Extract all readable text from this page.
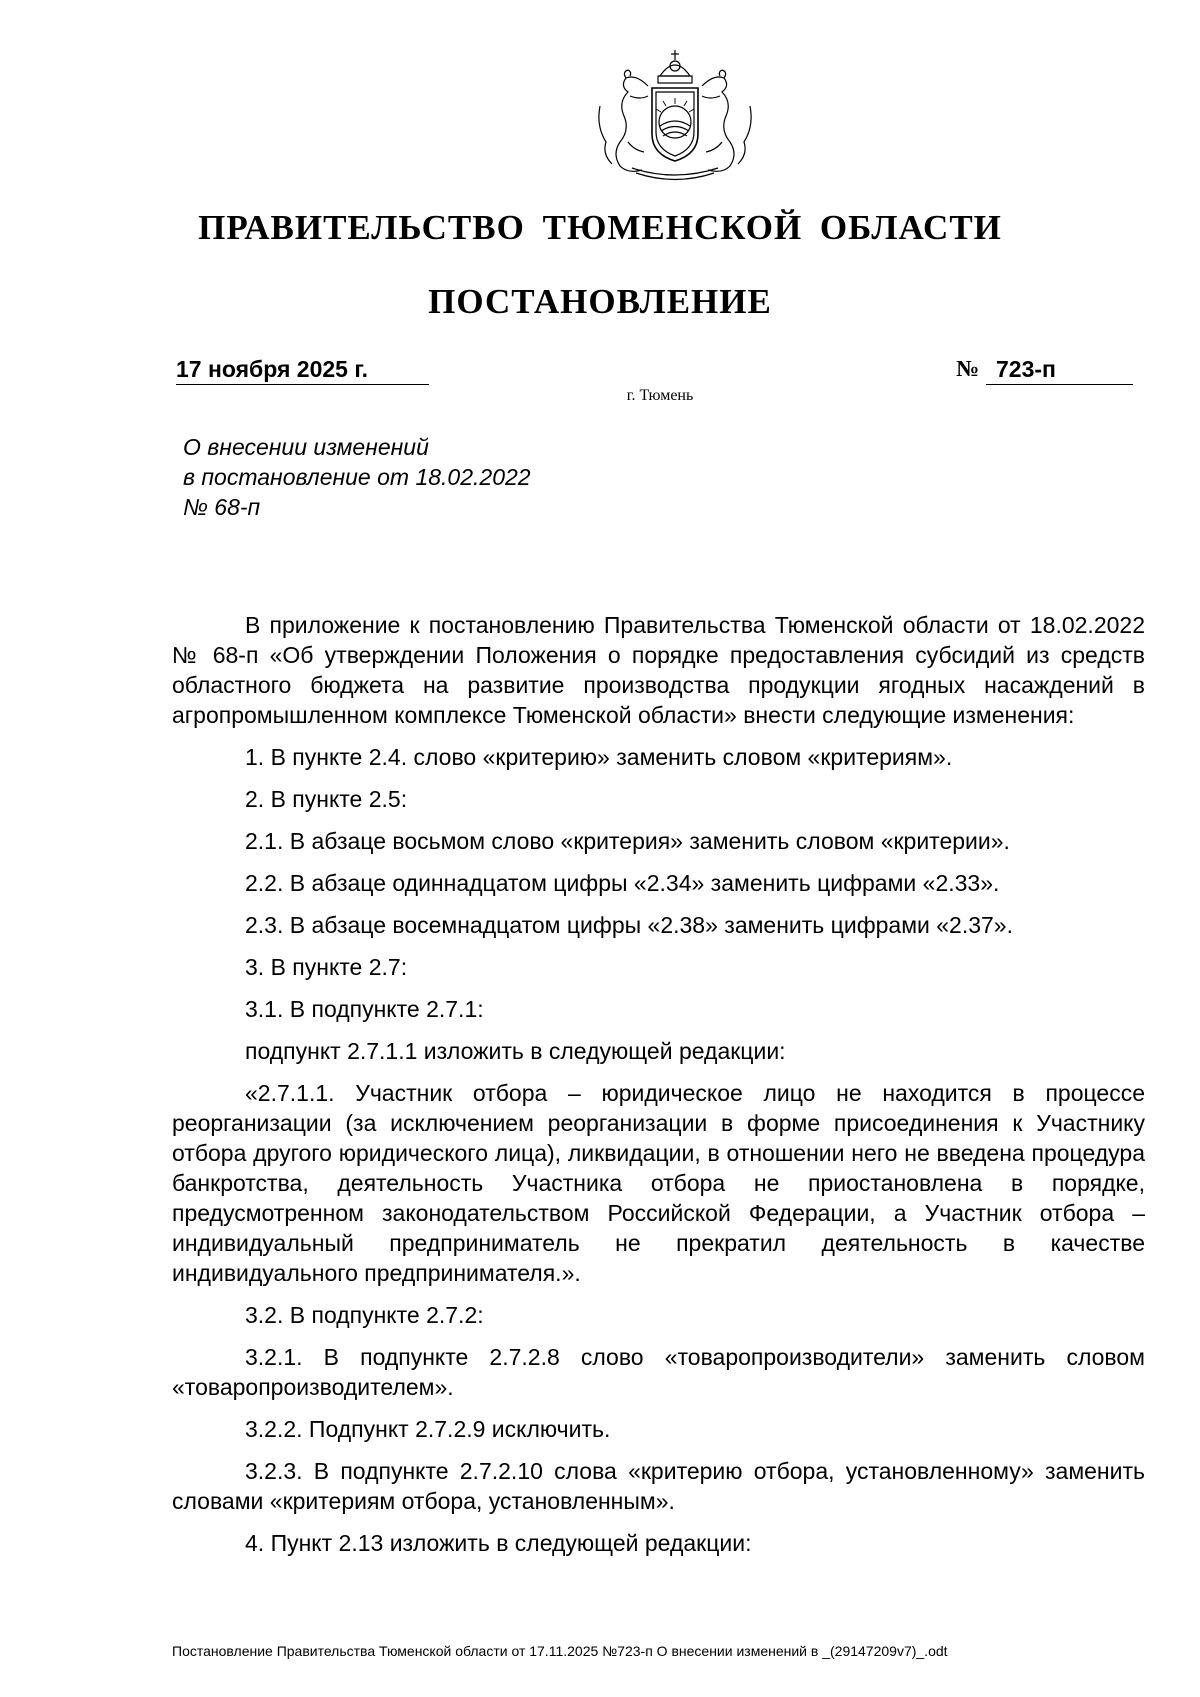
ПРАВИТЕЛЬСТВО ТЮМЕНСКОЙ ОБЛАСТИ
ПОСТАНОВЛЕНИЕ
17 ноября 2025 г.	№ 723-п
г. Тюмень
О внесении изменений
в постановление от 18.02.2022
№ 68-п

В приложение к постановлению Правительства Тюменской области от 18.02.2022 № 68-п «Об утверждении Положения о порядке предоставления субсидий из средств областного бюджета на развитие производства продукции ягодных насаждений в агропромышленном комплексе Тюменской области» внести следующие изменения:

1. В пункте 2.4. слово «критерию» заменить словом «критериям».

2. В пункте 2.5:

2.1. В абзаце восьмом слово «критерия» заменить словом «критерии».

2.2. В абзаце одиннадцатом цифры «2.34» заменить цифрами «2.33».

2.3. В абзаце восемнадцатом цифры «2.38» заменить цифрами «2.37».

3. В пункте 2.7:

3.1. В подпункте 2.7.1:

подпункт 2.7.1.1 изложить в следующей редакции:

«2.7.1.1. Участник отбора – юридическое лицо не находится в процессе реорганизации (за исключением реорганизации в форме присоединения к Участнику отбора другого юридического лица), ликвидации, в отношении него не введена процедура банкротства, деятельность Участника отбора не приостановлена в порядке, предусмотренном законодательством Российской Федерации, а Участник отбора – индивидуальный предприниматель не прекратил деятельность в качестве индивидуального предпринимателя.».

3.2. В подпункте 2.7.2:

3.2.1. В подпункте 2.7.2.8 слово «товаропроизводители» заменить словом «товаропроизводителем».

3.2.2. Подпункт 2.7.2.9 исключить.

3.2.3. В подпункте 2.7.2.10 слова «критерию отбора, установленному» заменить словами «критериям отбора, установленным».

4. Пункт 2.13 изложить в следующей редакции:

Постановление Правительства Тюменской области от 17.11.2025 №723-п О внесении изменений в _(29147209v7)_.odt
